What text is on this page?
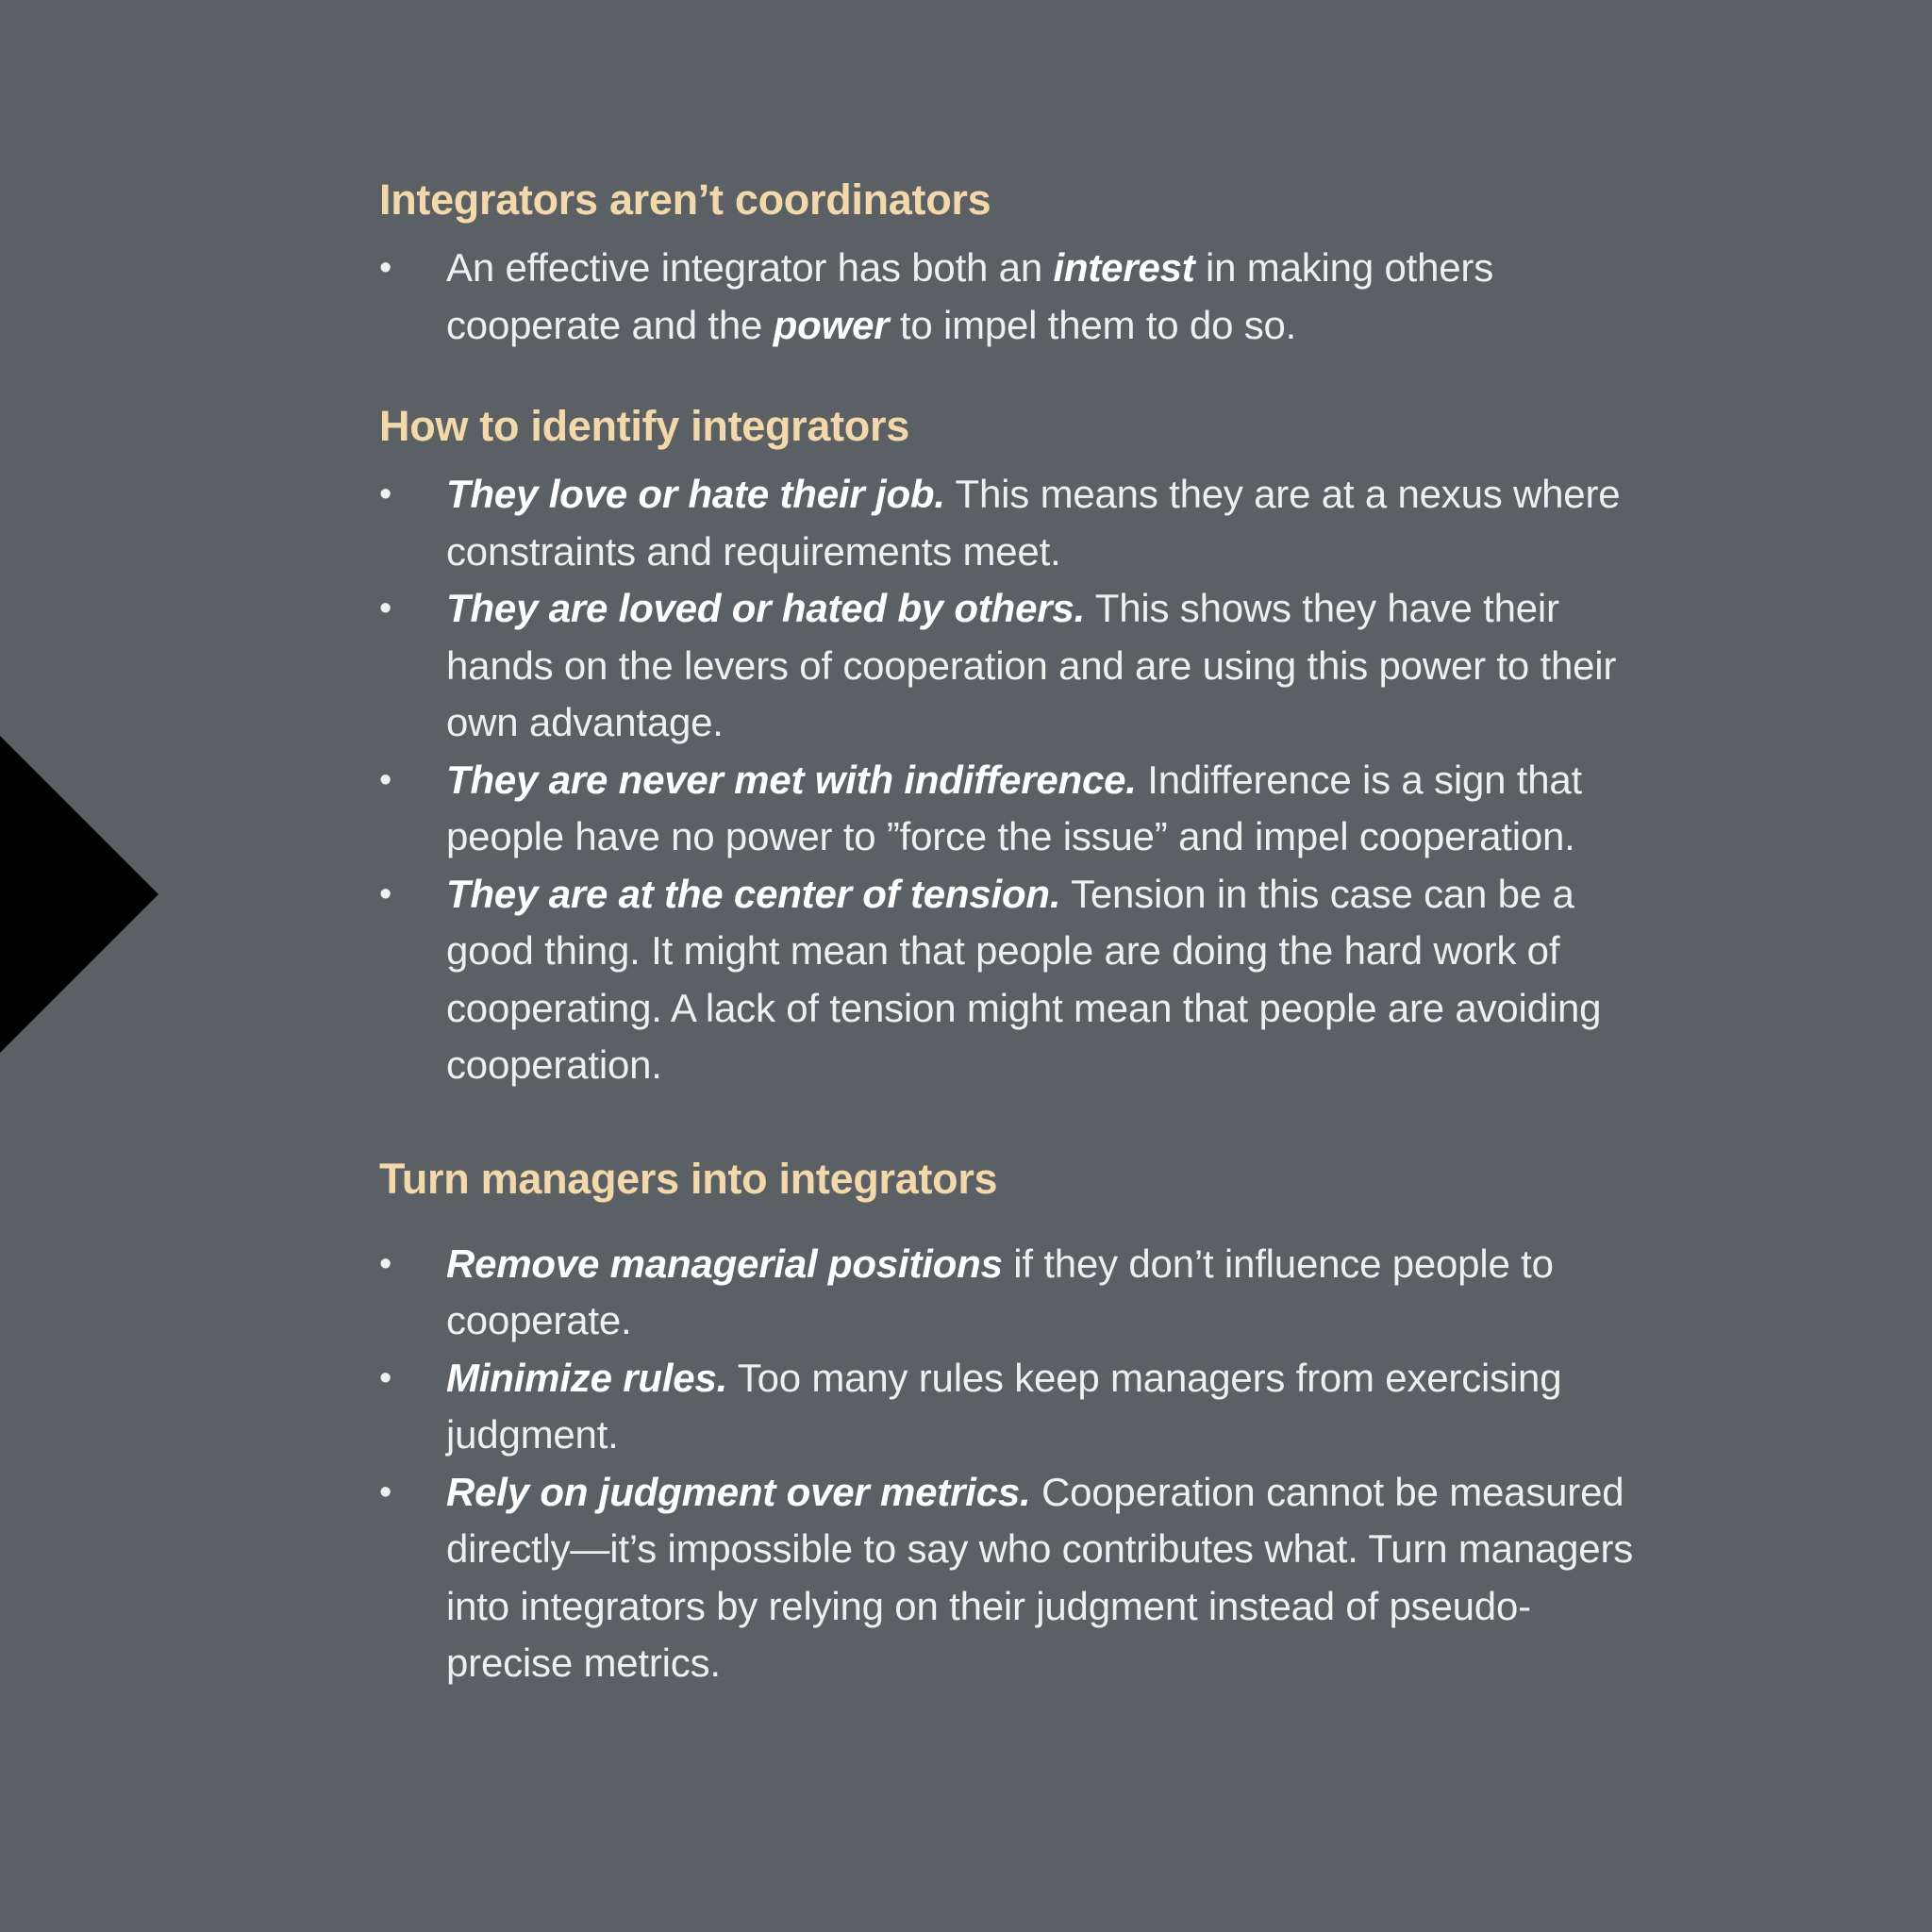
Integrators aren’t coordinators
• An effective integrator has both an interest in making others cooperate and the power to impel them to do so.
How to identify integrators
• They love or hate their job. This means they are at a nexus where constraints and requirements meet.
• They are loved or hated by others. This shows they have their hands on the levers of cooperation and are using this power to their own advantage.
• They are never met with indifference. Indifference is a sign that people have no power to ”force the issue” and impel cooperation.
• They are at the center of tension. Tension in this case can be a good thing. It might mean that people are doing the hard work of cooperating. A lack of tension might mean that people are avoiding cooperation.
Turn managers into integrators
• Remove managerial positions if they don’t influence people to cooperate.
• Minimize rules. Too many rules keep managers from exercising judgment.
• Rely on judgment over metrics. Cooperation cannot be measured directly—it’s impossible to say who contributes what. Turn managers into integrators by relying on their judgment instead of pseudo-precise metrics.
